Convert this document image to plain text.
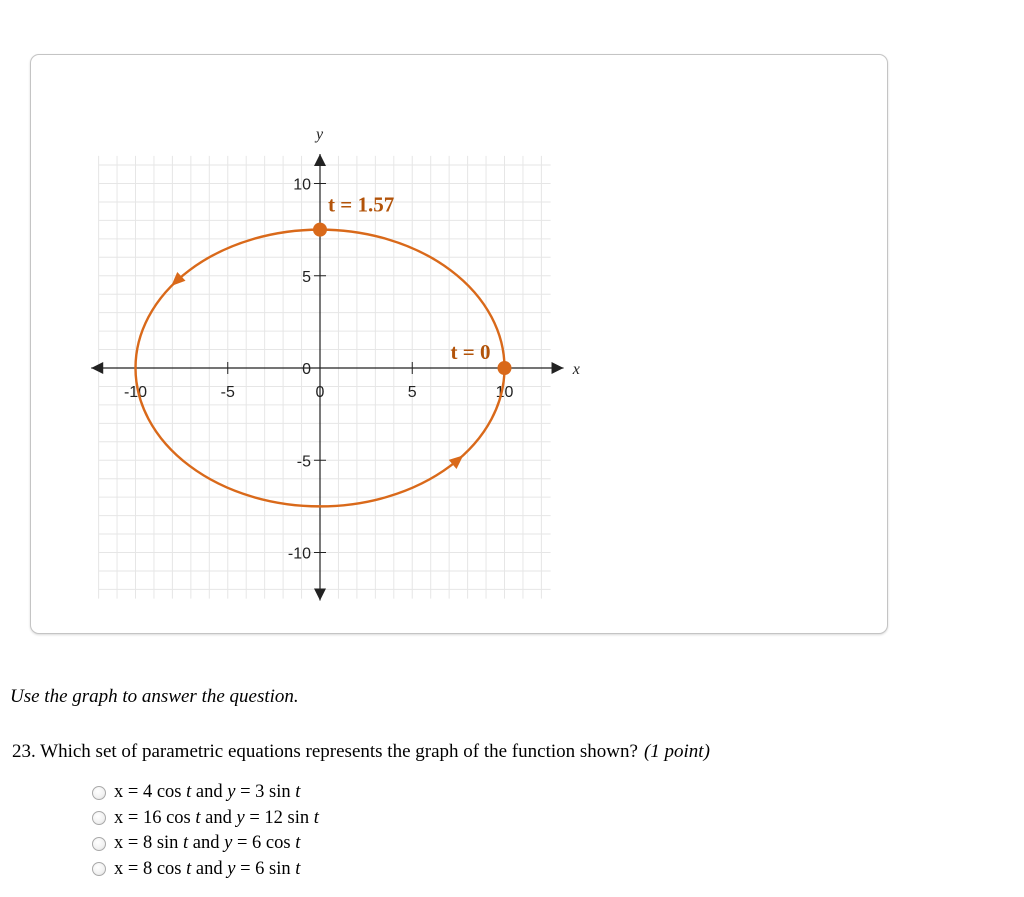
x
y
-10	-5	0	5	10
10
5
0
-5
-10
t = 1.57
t = 0
Use the graph to answer the question.
23. Which set of parametric equations represents the graph of the function shown? (1 point)
x = 4 cos t and y = 3 sin t
x = 16 cos t and y = 12 sin t
x = 8 sin t and y = 6 cos t
x = 8 cos t and y = 6 sin t
